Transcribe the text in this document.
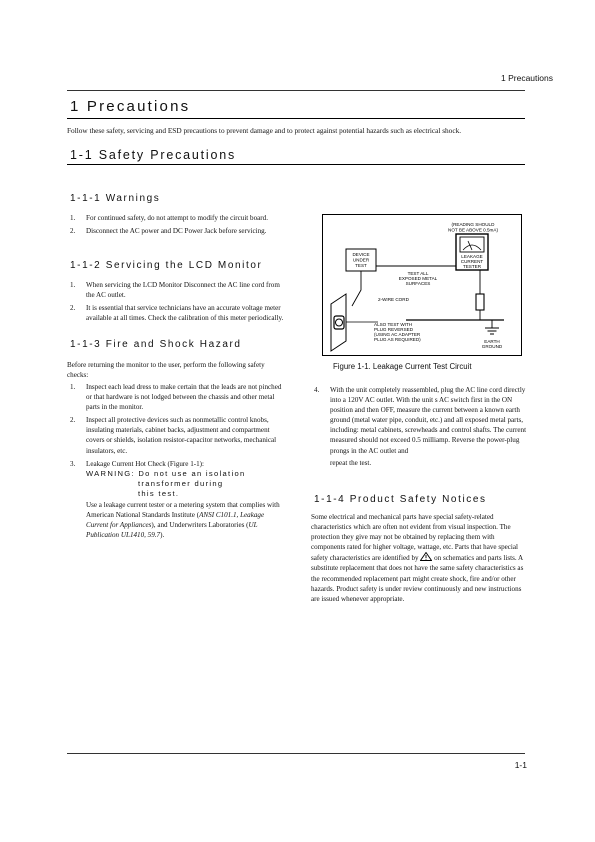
1 Precautions
1 Precautions
Follow these safety, servicing and ESD precautions to prevent damage and to protect against potential hazards such as electrical shock.
1-1 Safety Precautions
1-1-1 Warnings
1. For continued safety, do not attempt to modify the circuit board.
2. Disconnect the AC power and DC Power Jack before servicing.
1-1-2 Servicing the LCD Monitor
1. When servicing the LCD Monitor Disconnect the AC line cord from the AC outlet.
2. It is essential that service technicians have an accurate voltage meter available at all times. Check the calibration of this meter periodically.
1-1-3 Fire and Shock Hazard
Before returning the monitor to the user, perform the following safety checks:
1. Inspect each lead dress to make certain that the leads are not pinched or that hardware is not lodged between the chassis and other metal parts in the monitor.
2. Inspect all protective devices such as nonmetallic control knobs, insulating materials, cabinet backs, adjustment and compartment covers or shields, isolation resistor-capacitor networks, mechanical insulators, etc.
3. Leakage Current Hot Check (Figure 1-1):
WARNING: Do not use an isolation
transformer during
this test.
Use a leakage current tester or a metering system that complies with American National Standards Institute (ANSI C101.1, Leakage Current for Appliances), and Underwriters Laboratories (UL Publication UL1410, 59.7).
(READING SHOULD
NOT BE ABOVE 0.5mA)
LEAKAGE
CURRENT
TESTER
DEVICE
UNDER
TEST
TEST ALL
EXPOSED METAL
SURFACES
2-WIRE CORD
ALSO TEST WITH
PLUG REVERSED
(USING AC ADAPTER
PLUG AS REQUIRED)	EARTH
GROUND
Figure 1-1. Leakage Current Test Circuit
4. With the unit completely reassembled, plug the AC line cord directly into a 120V AC outlet. With the unit s AC switch first in the ON position and then OFF, measure the current between a known earth ground (metal water pipe, conduit, etc.) and all exposed metal parts, including: metal cabinets, screwheads and control shafts. The current measured should not exceed 0.5 milliamp. Reverse the power-plug prongs in the AC outlet and
repeat the test.
1-1-4 Product Safety Notices
Some electrical and mechanical parts have special safety-related characteristics which are often not evident from visual inspection. The protection they give may not be obtained by replacing them with components rated for higher voltage, wattage, etc. Parts that have special safety characteristics are identified by  on schematics and parts lists. A substitute replacement that does not have the same safety characteristics as the recommended replacement part might create shock, fire and/or other hazards. Product safety is under review continuously and new instructions are issued whenever appropriate.
1-1
